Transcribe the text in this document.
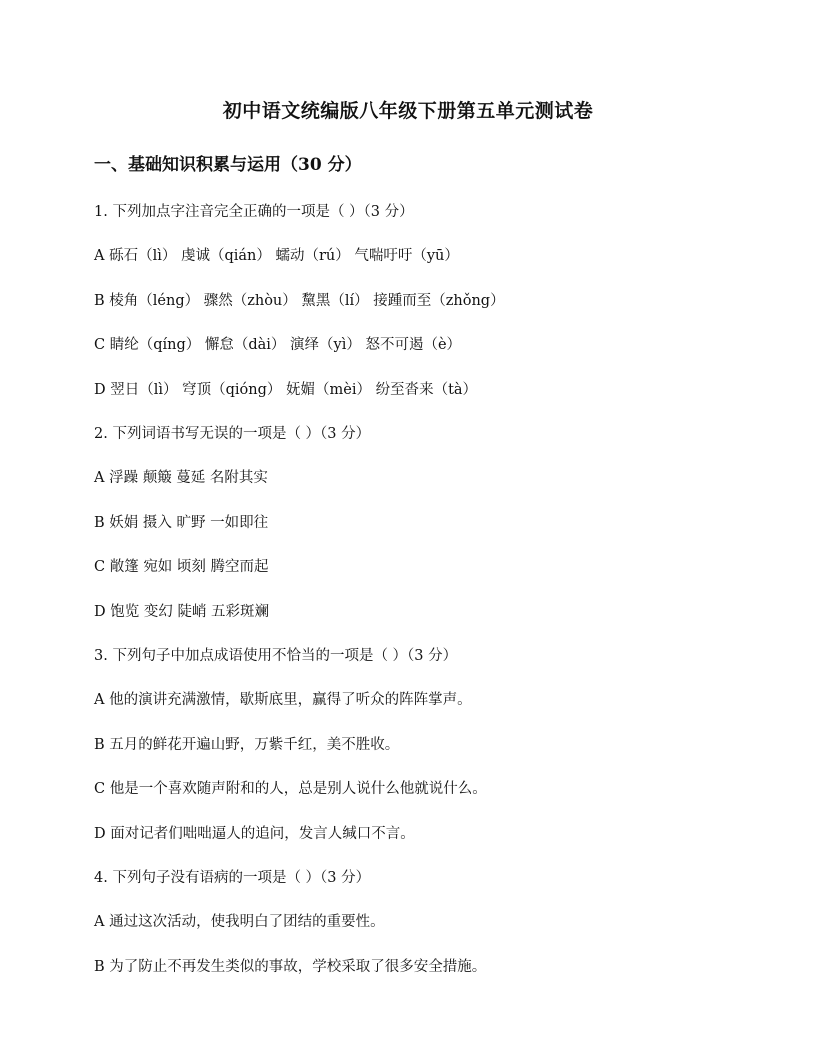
初中语文统编版八年级下册第五单元测试卷
一、基础知识积累与运用（30 分）

1. 下列加点字注音完全正确的一项是（ ）（3 分）

A 砾石（lì） 虔诚（qián） 蠕动（rú） 气喘吁吁（yū）

B 棱角（léng） 骤然（zhòu） 黧黑（lí） 接踵而至（zhǒng）

C 睛纶（qíng） 懈怠（dài） 演绎（yì） 怒不可遏（è）

D 翌日（lì） 穹顶（qióng） 妩媚（mèi） 纷至沓来（tà）

2. 下列词语书写无误的一项是（ ）（3 分）

A 浮躁 颠簸 蔓延 名附其实

B 妖娟 摄入 旷野 一如即往

C 敞篷 宛如 顷刻 腾空而起

D 饱览 变幻 陡峭 五彩斑斓

3. 下列句子中加点成语使用不恰当的一项是（ ）（3 分）

A 他的演讲充满激情，歇斯底里，赢得了听众的阵阵掌声。

B 五月的鲜花开遍山野，万紫千红，美不胜收。

C 他是一个喜欢随声附和的人，总是别人说什么他就说什么。

D 面对记者们咄咄逼人的追问，发言人缄口不言。

4. 下列句子没有语病的一项是（ ）（3 分）

A 通过这次活动，使我明白了团结的重要性。

B 为了防止不再发生类似的事故，学校采取了很多安全措施。
